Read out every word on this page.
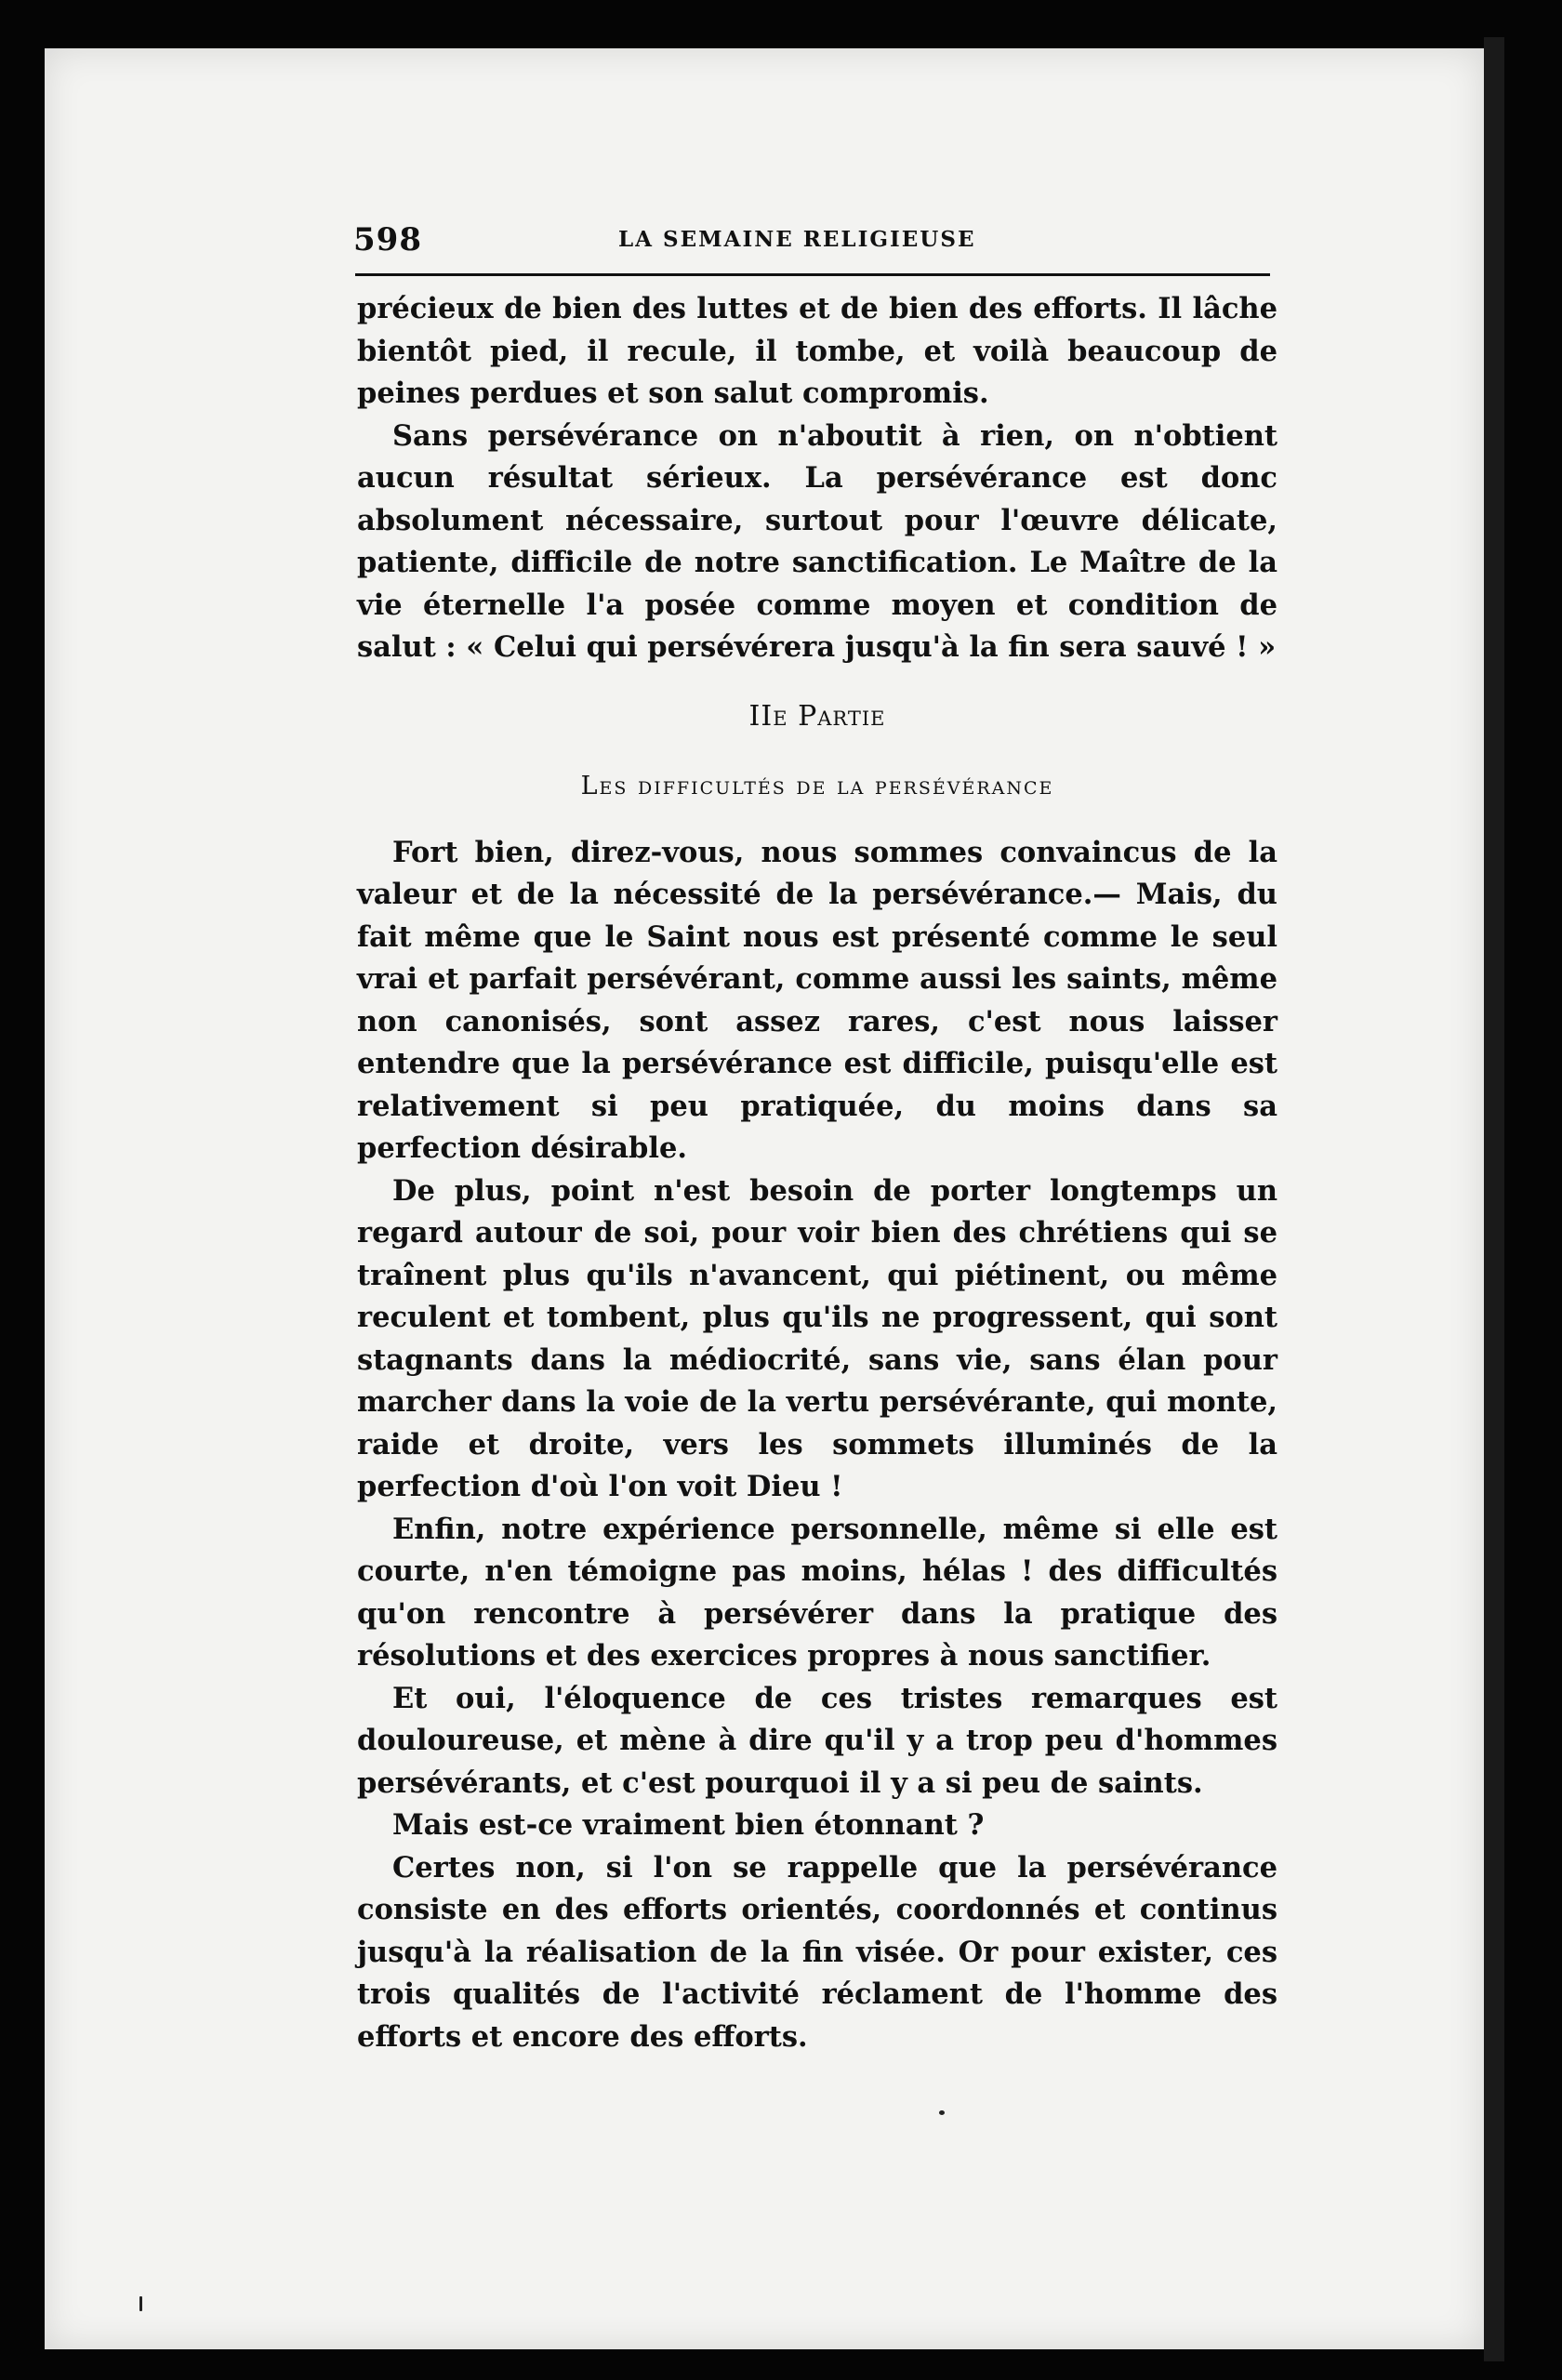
598	LA SEMAINE RELIGIEUSE

précieux de bien des luttes et de bien des efforts. Il lâche bientôt pied, il recule, il tombe, et voilà beaucoup de peines perdues et son salut compromis.

Sans persévérance on n'aboutit à rien, on n'obtient aucun résultat sérieux. La persévérance est donc absolument nécessaire, surtout pour l'œuvre délicate, patiente, difficile de notre sanctification. Le Maître de la vie éternelle l'a posée comme moyen et condition de salut : « Celui qui persévérera jusqu'à la fin sera sauvé ! »

IIe Partie
Les difficultés de la persévérance

Fort bien, direz-vous, nous sommes convaincus de la valeur et de la nécessité de la persévérance.— Mais, du fait même que le Saint nous est présenté comme le seul vrai et parfait persévérant, comme aussi les saints, même non canonisés, sont assez rares, c'est nous laisser entendre que la persévérance est difficile, puisqu'elle est relativement si peu pratiquée, du moins dans sa perfection désirable.

De plus, point n'est besoin de porter longtemps un regard autour de soi, pour voir bien des chrétiens qui se traînent plus qu'ils n'avancent, qui piétinent, ou même reculent et tombent, plus qu'ils ne progressent, qui sont stagnants dans la médiocrité, sans vie, sans élan pour marcher dans la voie de la vertu persévérante, qui monte, raide et droite, vers les sommets illuminés de la perfection d'où l'on voit Dieu !

Enfin, notre expérience personnelle, même si elle est courte, n'en témoigne pas moins, hélas ! des difficultés qu'on rencontre à persévérer dans la pratique des résolutions et des exercices propres à nous sanctifier.

Et oui, l'éloquence de ces tristes remarques est douloureuse, et mène à dire qu'il y a trop peu d'hommes persévérants, et c'est pourquoi il y a si peu de saints.

Mais est-ce vraiment bien étonnant ?

Certes non, si l'on se rappelle que la persévérance consiste en des efforts orientés, coordonnés et continus jusqu'à la réalisation de la fin visée. Or pour exister, ces trois qualités de l'activité réclament de l'homme des efforts et encore des efforts.
